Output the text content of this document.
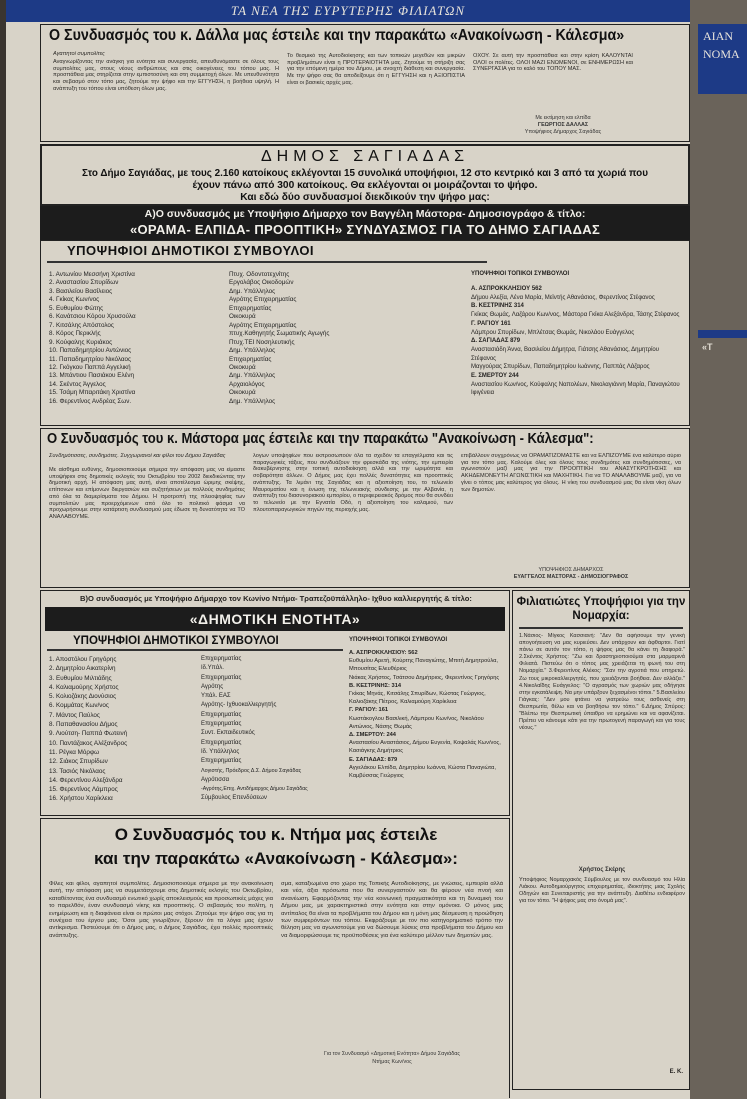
ΤΑ ΝΕΑ ΤΗΣ ΕΥΡΥΤΕΡΗΣ ΦΙΛΙΑΤΩΝ
Ο Συνδυασμός του κ. Δάλλα μας έστειλε και την παρακάτω «Ανακοίνωση - Κάλεσμα»
Αγαπητοί συμπολίτες
Αναγνωρίζοντας την ανάγκη για ενότητα και συνεργασία, απευθυνόμαστε σε όλους τους συμπολίτες μας, στους νέους ανθρώπους και στις οικογένειες του τόπου μας. Η προσπάθεια μας στηρίζεται στην εμπιστοσύνη και στη συμμετοχή όλων. Με υπευθυνότητα και σεβασμό στον τόπο μας, ζητούμε την ψήφο και την ΕΓΓΥΗΣΗ, η βοήθεια υψηλή. Η ανάπτυξη του τόπου είναι υπόθεση όλων μας.
Το θεσμικό της Αυτοδιοίκησης και των τοπικών μεγεθών και μικρών προβλημάτων είναι η ΠΡΟΤΕΡΑΙΟΤΗΤΑ μας. Ζητούμε τη στήριξη σας για την επόμενη ημέρα του Δήμου, με ανοιχτή διάθεση και συνεργασία. Με την ψήφο σας θα αποδείξουμε ότι η ΕΓΓΥΗΣΗ και η ΑΞΙΟΠΙΣΤΙΑ είναι οι βασικές αρχές μας.
ΟΧΟΥ. Σε αυτή την προσπάθεια και στην κρίση ΚΑΛΟΥΝΤΑΙ ΟΛΟΙ οι πολίτες. ΟΛΟΙ ΜΑΖΙ ΕΝΩΜΕΝΟΙ, σε ΕΝΗΜΕΡΩΣΗ και ΣΥΝΕΡΓΑΣΙΑ για το καλό του ΤΟΠΟΥ ΜΑΣ.
Με εκτίμηση και ελπίδα
ΓΕΩΡΓΙΟΣ ΔΑΛΛΑΣ
Υποψήφιος Δήμαρχος Σαγιάδας
ΔΗΜΟΣ ΣΑΓΙΑΔΑΣ
Στο Δήμο Σαγιάδας, με τους 2.160 κατοίκους εκλέγονται 15 συνολικά υποψήφιοι, 12 στο κεντρικό και 3 από τα χωριά που
έχουν πάνω από 300 κατοίκους. Θα εκλέγονται οι μοιράζονται το ψήφο.
Και εδώ δύο συνδυασμοί διεκδικούν την ψήφο μας:
Α)Ο συνδυασμός με Υποψήφιο Δήμαρχο τον Βαγγέλη Μάστορα- Δημοσιογράφο & τίτλο:
«ΟΡΑΜΑ- ΕΛΠΙΔΑ- ΠΡΟΟΠΤΙΚΗ» ΣΥΝΔΥΑΣΜΟΣ ΓΙΑ ΤΟ ΔΗΜΟ ΣΑΓΙΑΔΑΣ
ΥΠΟΨΗΦΙΟΙ ΔΗΜΟΤΙΚΟΙ ΣΥΜΒΟΥΛΟΙ
1. Αντωνίου Μεσσήνη Χριστίνα
2. Αναστασίου Σπυρίδων
3. Βασιλείου Βασίλειος
4. Γκίκας Κων/νος
5. Ευθυμίου Φώτης
6. Κανάτσιου Κόρου Χρυσούλα
7. Κιτσάλης Απόστολος
8. Κόρος Περικλής
9. Κούφαλης Κυριάκος
10. Παπαδημητρίου Αντώνιος
11. Παπαδημητρίου Νικόλαος
12. Γκόγκου Παππά Αγγελική
13. Μπάντιου Πασιάκου Ελένη
14. Σκέντος Άγγελος
15. Τσάμη Μπαριτάκη Χριστίνα
16. Φερεντίνος Ανδρέας Σων.
Πτυχ. Οδοντοτεχνίτης
Εργολάβος Οικοδομών
Δημ. Υπάλληλος
Αγρότης Επιχειρηματίας
Επιχειρηματίας
Οικοκυρά
Αγρότης Επιχειρηματίας
πτυχ.Καθηγητής Σωματικής Αγωγής
Πτυχ.ΤΕΙ Νοσηλευτικής
Δημ. Υπάλληλος
Επιχειρηματίας
Οικοκυρά
Δημ. Υπάλληλος
Αρχαιολόγος
Οικοκυρά
Δημ. Υπάλληλος
ΥΠΟΨΗΦΙΟΙ ΤΟΠΙΚΟΙ ΣΥΜΒΟΥΛΟΙ
Α. ΑΣΠΡΟΚΚΛΗΣΙΟΥ 562
Δήμου Αλεξία, Λένα Μαρία, Μεϊντής Αθανάσιος, Φερεντίνος Στέφανος
Β. ΚΕΣΤΡΙΝΗΣ 314
Γκίκας Θωμάς, Λαζάρου Κων/νος, Μάστορα Γκίκα Αλεξάνδρα, Τάσης Στέφανος
Γ. ΡΑΓΙΟΥ 161
Λάμπρου Σπυρίδων, Μπλέτσας Θωμάς, Νικολάου Ευάγγελος
Δ. ΣΑΓΙΑΔΑΣ 879
Αναστασιάδη Άννα, Βασιλείου Δήμητρα, Γιάτσης Αθανάσιος, Δημητρίου Στέφανος
Μαγγούρας Σπυρίδων, Παπαδημητρίου Ιωάννης, Παππάς Λάζαρος
Ε. ΣΜΕΡΤΟΥ 244
Αναστασίου Κων/νος, Κούφαλης Ναπολέων, Νικολαγιάννη Μαρία, Παναγιώτου Ιφιγένεια
Ο Συνδυασμός του κ. Μάστορα μας έστειλε και την παρακάτω "Ανακοίνωση - Κάλεσμα":
Συνδημότισσες, συνδημότες. Συγχωριανοί και φίλοι του Δήμου Σαγιάδας
Με αίσθημα ευθύνης, δημοσιοποιούμε σήμερα την απόφαση μας να είμαστε υποψήφιοι στις δημοτικές εκλογές του Οκτωβρίου του 2002 διεκδικώντας την δημοτική αρχή. Η απόφαση μας αυτή, είναι αποτέλεσμα ώριμης σκέψης, επίπονων και επίμονων διεργασιών και συζητήσεων με πολλούς συνδημότες από όλα τα διαμερίσματα του Δήμου. Η προτροπή της πλειοψηφίας των συμπολιτών μας προερχόμενων από όλο το πολιτικό φάσμα να προχωρήσουμε στην κατάρτιση συνδυασμού μας έδωσε τη δυνατότητα να ΤΟ ΑΝΑΛΑΒΟΥΜΕ.
λογων υποψηφίων που εκπροσωπούν όλα τα σχεδόν τα επαγγέλματα και τις παραγωγικές τάξεις, που συνδυάζουν την φρεσκάδα της νιότης, την εμπειρία διακυβέρνησης στην τοπική αυτοδιοίκηση αλλά και την ωριμότητα και σοβαρότητα άλλων. Ο Δήμος μας έχει πολλές δυνατότητες και προοπτικές ανάπτυξης. Τα λιμάνι της Σαγιάδας και η αξιοποίηση του, το τελωνείο Μαυροματίου και η ένωση της τελωνειακής σύνδεσης με την Αλβανία, η ανάπτυξη του διασυνοριακού εμπορίου, ο περιφερειακός δρόμος που θα συνδέει το τελωνείο με την Εγνατία Οδό, η αξιοποίηση του καλαμιού, των πλουτοπαραγωγικών πηγών της περιοχής μας.
επιβάλλουν συγχρόνως να ΟΡΑΜΑΤΙΖΟΜΑΣΤΕ και να ΕΛΠΙΖΟΥΜΕ ένα καλύτερο αύριο για τον τόπο μας. Καλούμε όλες και όλους τους συνδημότες και συνδημότισσες, να αγωνιστούν μαζί μας για την ΠΡΟΟΠΤΙΚΗ του ΑΝΑΣΥΓΚΡΟΤΗΣΗΣ και ΑΚΗΔΕΜΟΝΕΥΤΗ ΑΓΩΝΙΣΤΙΚΗ και ΜΑΧΗΤΙΚΗ. Για να ΤΟ ΑΝΑΛΑΒΟΥΜΕ μαζί, για να γίνει ο τόπος μας καλύτερος για όλους. Η νίκη του συνδυασμού μας θα είναι νίκη όλων των δημοτών.
ΥΠΟΨΗΦΙΟΣ ΔΗΜΑΡΧΟΣ
ΕΥΑΓΓΕΛΟΣ ΜΑΣΤΟΡΑΣ - ΔΗΜΟΣΙΟΓΡΑΦΟΣ
Β)Ο συνδυασμός με Υποψήφιο Δήμαρχο τον Κωνίνο Ντήμα- Τραπεζοϋπάλληλο- Ιχθυο καλλιεργητής & τίτλο:
«ΔΗΜΟΤΙΚΗ ΕΝΟΤΗΤΑ»
ΥΠΟΨΗΦΙΟΙ ΔΗΜΟΤΙΚΟΙ ΣΥΜΒΟΥΛΟΙ
1. Αποστόλου Γρηγόρης
2. Δημητρίου Αικατερίνη
3. Ευθυμίου Μιλτιάδης
4. Καλιαμούρης Χρήστος
5. Κολιοζάκης Διονύσιος
6. Κομμάτας Κων/νος
7. Μάντος Παύλος
8. Παπαθανασίου Δήμος
9. Λιούτση- Παππά Φωτεινή
10. Παντάζακος Αλέξανδρος
11. Ρέγκα Μόρφω
12. Σιάκος Σπυρίδων
13. Τασιός Νικόλαος
14. Φερεντίνου Αλεξάνδρα
15. Φερεντίνος Λάμπρος
16. Χρήστου Χαρίκλεια
Επιχειρηματίας
Ιδ.Υπάλ.
Επιχειρηματίας
Αγρότης
Υπάλ. ΕΑΣ
Αγρότης- Ιχθυοκαλλιεργητής
Επιχειρηματίας
Επιχειρηματίας
Συντ. Εκπαιδευτικός
Επιχειρηματίας
Ιδ. Υπάλληλος
Επιχειρηματίας
Λογιστής, Πρόεδρος Δ.Σ. Δήμου Σαγιάδας
Αγρότισσα
-Αγρότης,Επιχ. Αντιδήμαρχος Δήμου Σαγιάδας
Σύμβουλος Επενδύσεων
ΥΠΟΨΗΦΙΟΙ ΤΟΠΙΚΟΙ ΣΥΜΒΟΥΛΟΙ
Α. ΑΣΠΡΟΚΚΛΗΣΙΟΥ: 562
Ευθυμίου Αρετή, Κούρτης Παναγιώτης, Μπιτή Δημητρούλα, Μπουσίτας Ελευθέριος
Νιάκας Χρήστος, Τσάτσου Δημήτριος, Φερεντίνος Γρηγόρης
Β. ΚΕΣΤΡΙΝΗΣ: 314
Γκίκας Μηνάς, Κιτσάλης Σπυρίδων, Κώστας Γεώργιος, Καλιοζάκης Πέτρος, Καλιαμούρη Χαρίκλεια
Γ. ΡΑΓΙΟΥ: 161
Κωστάκογλου Βασιλική, Λάμπρου Κων/νος, Νικολάου Αντώνιος, Νάσης Θωμάς
Δ. ΣΜΕΡΤΟΥ: 244
Αναστασίου Αναστάσιος, Δήμου Ευγενία, Κοψαλάς Κων/νος, Κασιάγκης Δημήτριος
Ε. ΣΑΓΙΑΔΑΣ: 879
Αγγελάκου Ελπίδα, Δημητρίου Ιωάννα, Κώστα Παναγιώτα, Καμβύσσας Γεώργιος
Φιλιατιώτες Υποψήφιοι για την Νομαρχία:
1.Νάσιος- Μίγκος Κασσιανή: "Δεν θα αφήσουμε την γενική απογοήτευση να μας κυριεύσει. Δεν υπάρχουν και άφθαρτοι. Γιατί πάνω σε αυτόν τον τόπο, η ψήφος μας θα κάνει τη διαφορά." 2.Σκέντος Χρήστος: "Ζω και δραστηριοποιούμαι στα μαρμαρινά Φιλιατά. Πιστεύω ότι ο τόπος μας χρειάζεται τη φωνή του στη Νομαρχία." 3.Φερεντίνος Αλέκος: "Σαν την αγροτιά που υπηρετώ. Ζω τους μικροκαλλιεργητές, που χρειάζονται βοήθεια. Δεν αλλάζει." 4.Νικολαΐδης Ευάγγελος: "Ο αγρασμός των χωριών μας οδήγησε στην εγκατάλειψη. Να μην υπάρξουν ξεχασμένοι τόποι." 5.Βασιλείου Γιάγκας: "Δεν μου φτάνει να γιατρεύω τους ασθενείς στη Θεσπρωτία, θέλω και να βοηθήσω τον τόπο." 6.Δήμος Σπύρος: "Βλέπω την Θεσπρωτική ύπαιθρο να ερημώνει και να αφανίζεται. Πρέπει να κάνουμε κάτι για την πρωτογενή παραγωγή και για τους νέους."
Χρήστος Σκέρης
Υποψήφιος Νομαρχιακός Σύμβουλος με τον συνδυασμό του Ηλία Λιάκου. Αυτοδημιούργητος επιχειρηματίας, ιδιοκτήτης μιας Σχολής Οδηγών και Συνεταιριστής για την ανάπτυξη. Διαθέτω ενδιαφέρον για τον τόπο. "Η ψήφος μας στο όνομά μας".
Ε. Κ.
Ο Συνδυασμός του κ. Ντήμα μας έστειλε
και την παρακάτω «Ανακοίνωση - Κάλεσμα»:
Φίλες και φίλοι, αγαπητοί συμπολίτες. Δημοσιοποιούμε σήμερα με την ανακοίνωση αυτή, την απόφαση μας να συμμετάσχουμε στις Δημοτικές εκλογές του Οκτωβρίου, καταθέτοντας ένα συνδυασμό ενωτικό χωρίς αποκλεισμούς και προσωπικές μάχες για το παρελθόν, έναν συνδυασμό νίκης και προοπτικής. Ο σεβασμός του πολίτη, η ενημέρωση και η διαφάνεια είναι οι πρώτοι μας στόχοι. Ζητούμε την ψήφο σας για τη συνέχεια του έργου μας. Όσοι μας γνωρίζουν, ξέρουν ότι τα λόγια μας έχουν αντίκρισμα. Πιστεύουμε ότι ο Δήμος μας, ο Δήμος Σαγιάδας, έχει πολλές προοπτικές ανάπτυξης.
σμα, καταξιωμένα στο χώρο της Τοπικής Αυτοδιοίκησης, με γνώσεις, εμπειρία αλλά και νέα, άξια πρόσωπα που θα συνεργαστούν και θα φέρουν νέα πνοή και ανανέωση. Εφαρμόζοντας την νέα κοινωνική πραγματικότητα και τη δυναμική του Δήμου μας, με χαρακτηριστικά στην ενότητα και στην ομόνοια. Ο μόνος μας αντίπαλος θα είναι τα προβλήματα του Δήμου και η μόνη μας δέσμευση η προώθηση των συμφερόντων του τόπου. Εκφράζουμε με τον πιο κατηγορηματικό τρόπο την θέληση μας να αγωνιστούμε για να δώσουμε λύσεις στα προβλήματα του Δήμου και να διαμορφώσουμε τις προϋποθέσεις για ένα καλύτερο μέλλον των δημοτών μας.
Για τον Συνδυασμό «Δημοτική Ενότητα» Δήμου Σαγιάδας
Ντήμας Κων/νος
ΑΙΑΝ ΝΟΜΑ
«Τ
